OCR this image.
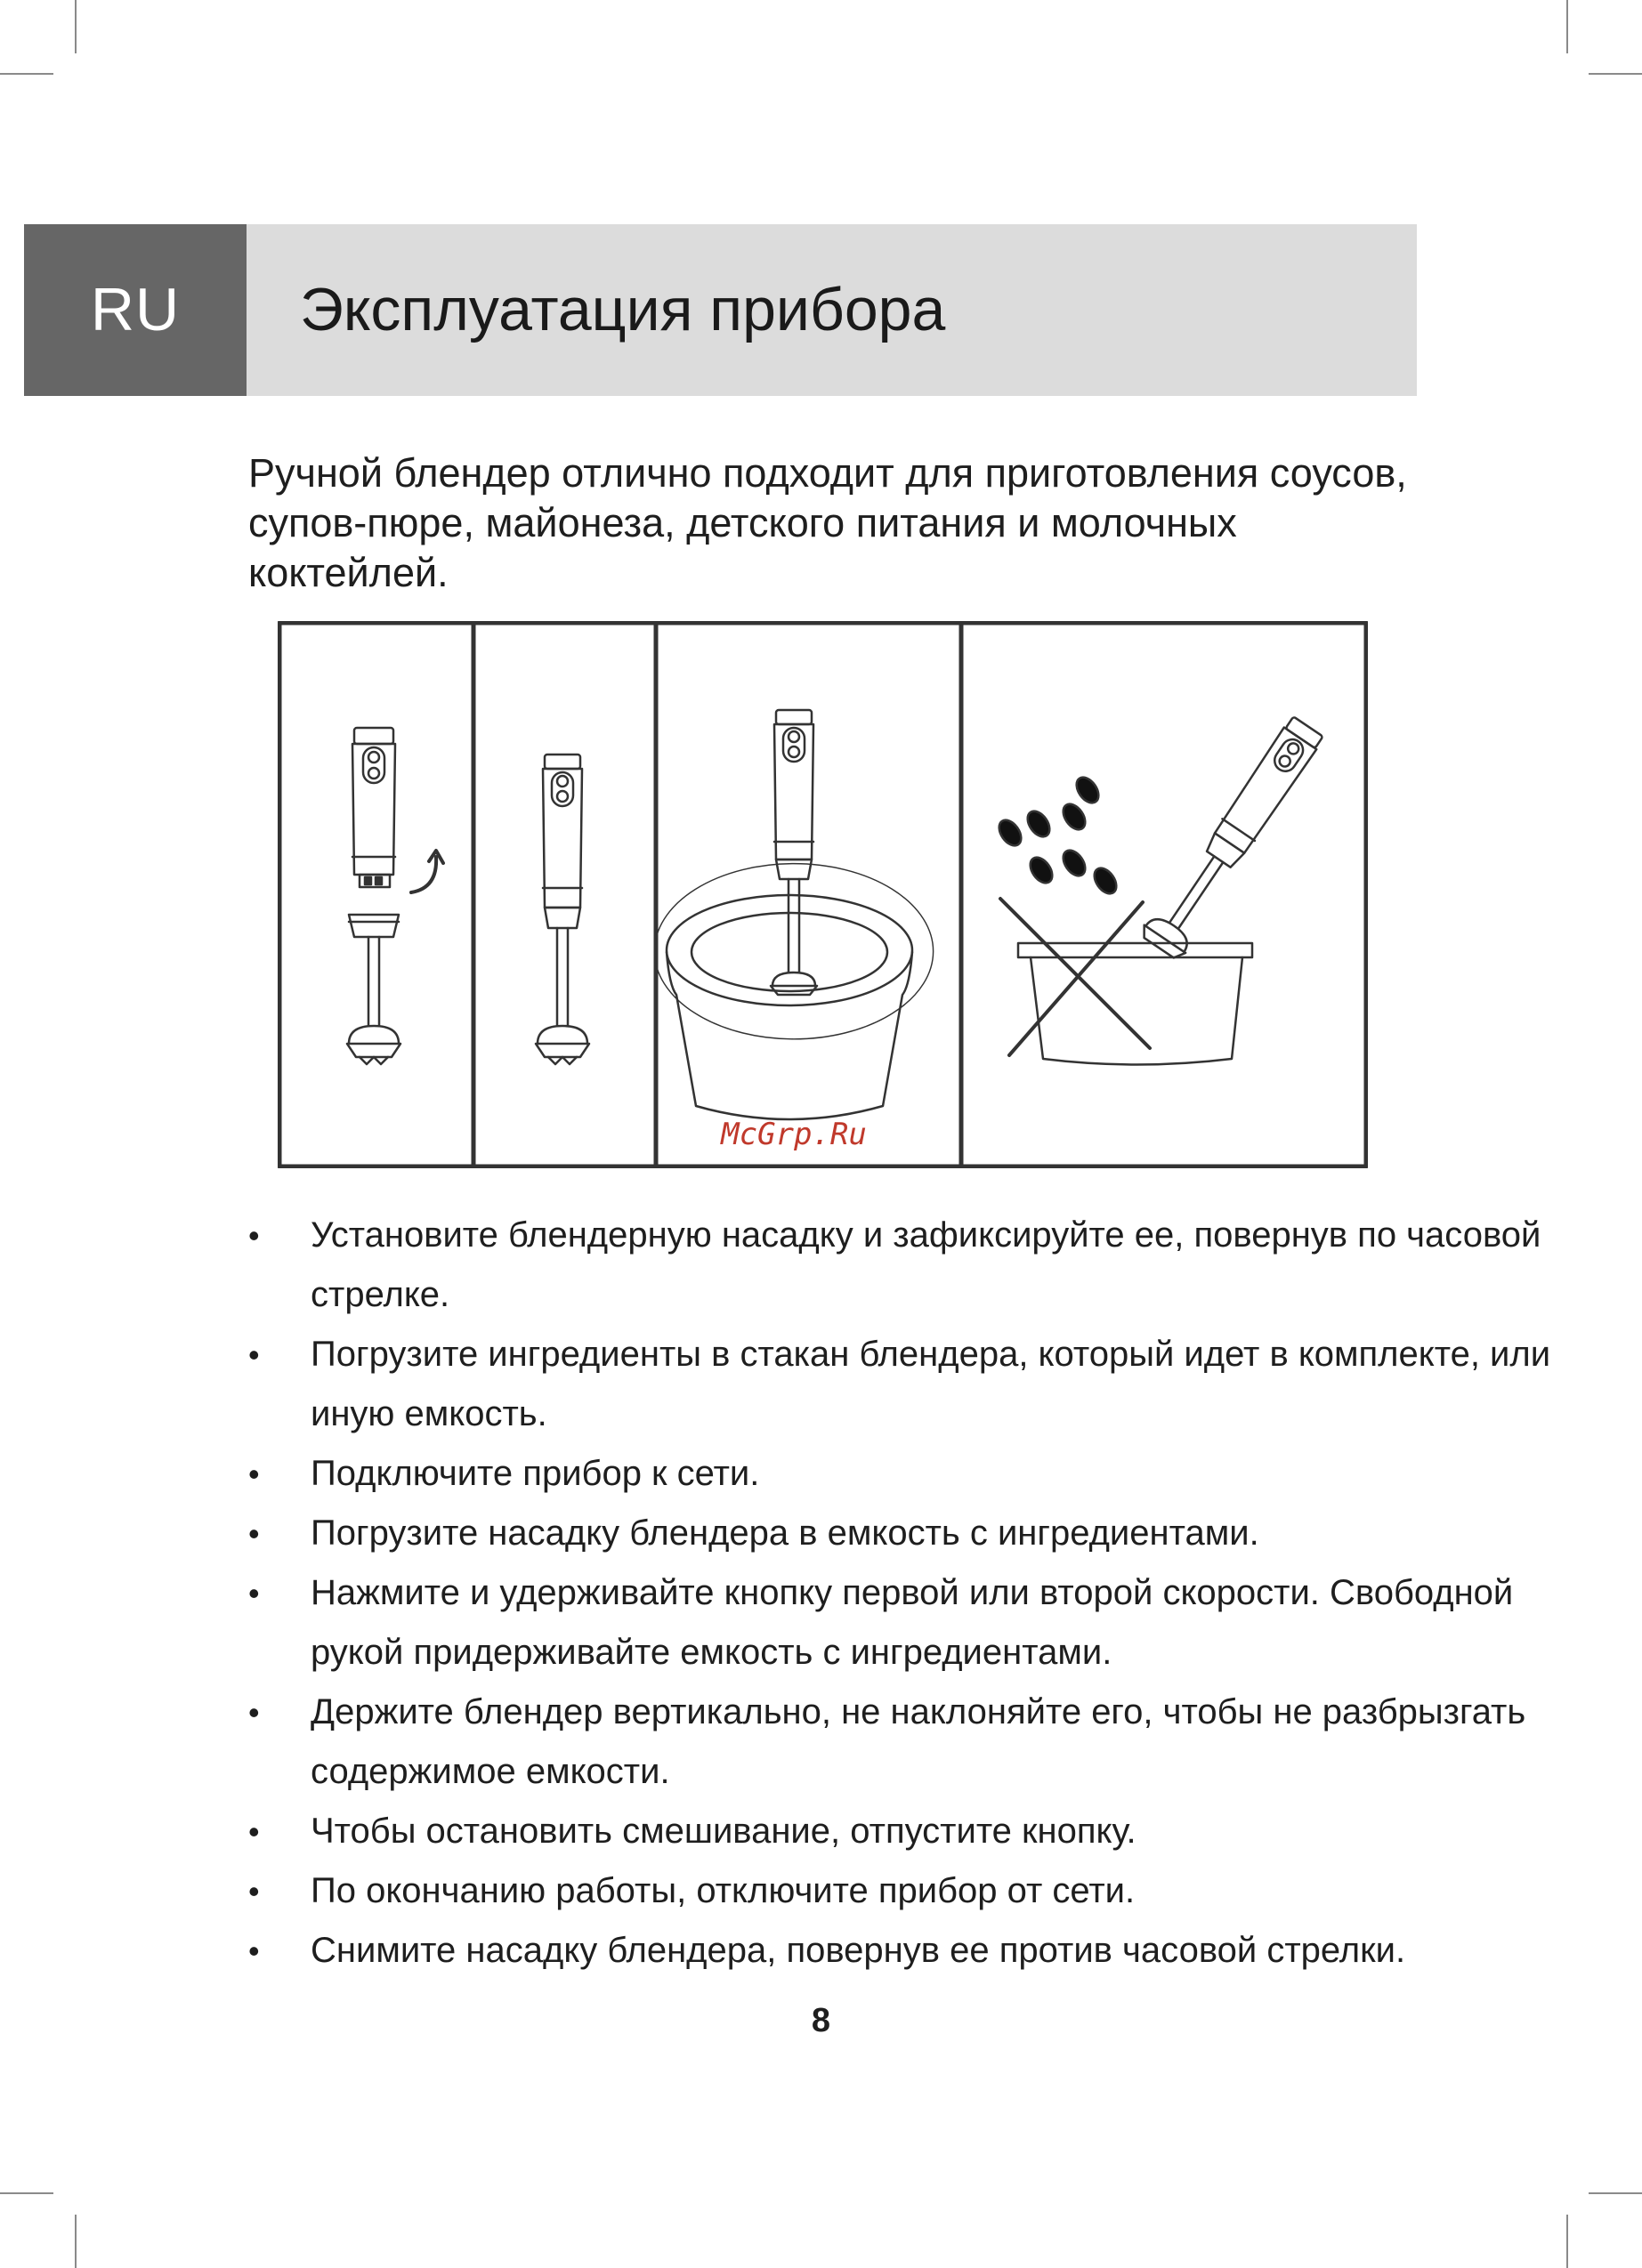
RU	Эксплуатация прибора

Ручной блендер отлично подходит для приготовления соусов, супов-пюре, майонеза, детского питания и молочных коктейлей.

McGrp.Ru
• Установите блендерную насадку и зафиксируйте ее, повернув по часовой стрелке.
• Погрузите ингредиенты в стакан блендера, который идет в комплекте, или иную емкость.
• Подключите прибор к сети.
• Погрузите насадку блендера в емкость с ингредиентами.
• Нажмите и удерживайте кнопку первой или второй скорости. Свободной рукой придерживайте емкость с ингредиентами.
• Держите блендер вертикально, не наклоняйте его, чтобы не разбрызгать содержимое емкости.
• Чтобы остановить смешивание, отпустите кнопку.
• По окончанию работы, отключите прибор от сети.
• Снимите насадку блендера, повернув ее против часовой стрелки.
8
